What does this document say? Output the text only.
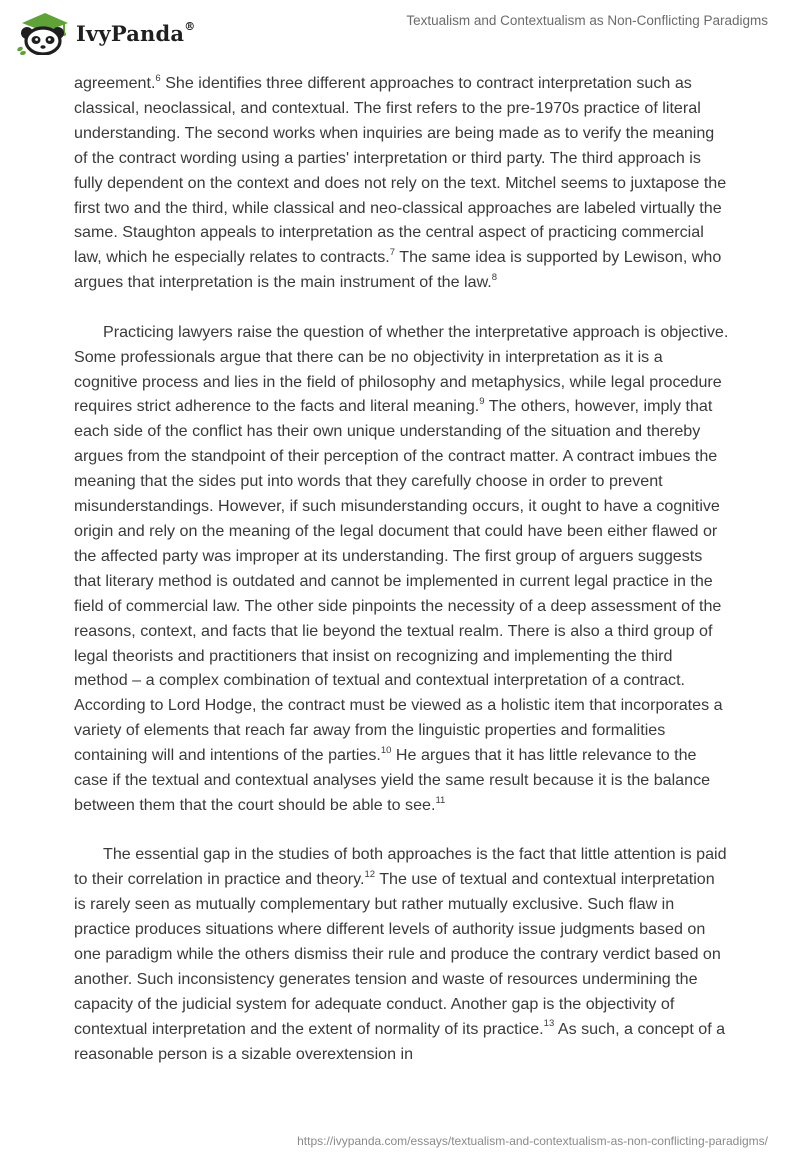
IvyPanda®	Textualism and Contextualism as Non-Conflicting Paradigms

agreement.$^6$ She identifies three different approaches to contract interpretation such as classical, neoclassical, and contextual. The first refers to the pre-1970s practice of literal understanding. The second works when inquiries are being made as to verify the meaning of the contract wording using a parties' interpretation or third party. The third approach is fully dependent on the context and does not rely on the text. Mitchel seems to juxtapose the first two and the third, while classical and neo-classical approaches are labeled virtually the same. Staughton appeals to interpretation as the central aspect of practicing commercial law, which he especially relates to contracts.$^7$ The same idea is supported by Lewison, who argues that interpretation is the main instrument of the law.$^8$

Practicing lawyers raise the question of whether the interpretative approach is objective. Some professionals argue that there can be no objectivity in interpretation as it is a cognitive process and lies in the field of philosophy and metaphysics, while legal procedure requires strict adherence to the facts and literal meaning.$^9$ The others, however, imply that each side of the conflict has their own unique understanding of the situation and thereby argues from the standpoint of their perception of the contract matter. A contract imbues the meaning that the sides put into words that they carefully choose in order to prevent misunderstandings. However, if such misunderstanding occurs, it ought to have a cognitive origin and rely on the meaning of the legal document that could have been either flawed or the affected party was improper at its understanding. The first group of arguers suggests that literary method is outdated and cannot be implemented in current legal practice in the field of commercial law. The other side pinpoints the necessity of a deep assessment of the reasons, context, and facts that lie beyond the textual realm. There is also a third group of legal theorists and practitioners that insist on recognizing and implementing the third method – a complex combination of textual and contextual interpretation of a contract. According to Lord Hodge, the contract must be viewed as a holistic item that incorporates a variety of elements that reach far away from the linguistic properties and formalities containing will and intentions of the parties.$^{10}$ He argues that it has little relevance to the case if the textual and contextual analyses yield the same result because it is the balance between them that the court should be able to see.$^{11}$

The essential gap in the studies of both approaches is the fact that little attention is paid to their correlation in practice and theory.$^{12}$ The use of textual and contextual interpretation is rarely seen as mutually complementary but rather mutually exclusive. Such flaw in practice produces situations where different levels of authority issue judgments based on one paradigm while the others dismiss their rule and produce the contrary verdict based on another. Such inconsistency generates tension and waste of resources undermining the capacity of the judicial system for adequate conduct. Another gap is the objectivity of contextual interpretation and the extent of normality of its practice.$^{13}$ As such, a concept of a reasonable person is a sizable overextension in

https://ivypanda.com/essays/textualism-and-contextualism-as-non-conflicting-paradigms/
